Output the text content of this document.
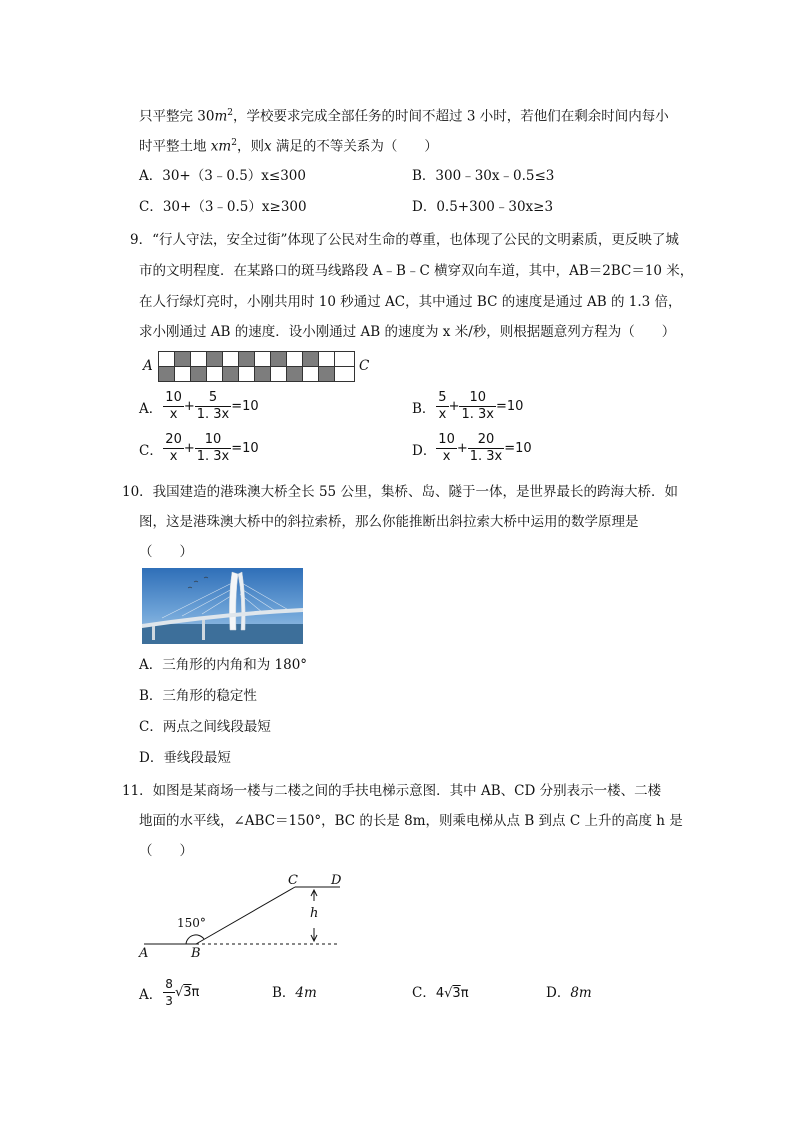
只平整完 $30m^2$，学校要求完成全部任务的时间不超过 3 小时，若他们在剩余时间内每小
时平整土地 $xm^2$，则x 满足的不等关系为（　　）
A．30+（3﹣0.5）x≤300	B．300﹣30x﹣0.5≤3
C．30+（3﹣0.5）x≥300	D．0.5+300﹣30x≥3
9．“行人守法，安全过街”体现了公民对生命的尊重，也体现了公民的文明素质，更反映了城
市的文明程度．在某路口的斑马线路段 A﹣B﹣C 横穿双向车道，其中，AB＝2BC＝10 米，
在人行绿灯亮时，小刚共用时 10 秒通过 AC，其中通过 BC 的速度是通过 AB 的 1.3 倍，
求小刚通过 AB 的速度．设小刚通过 AB 的速度为 x 米/秒，则根据题意列方程为（　　）
A	C
A． $\frac{10}{x} + \frac{5}{1. 3x} =10$	B． $\frac{5}{x} + \frac{10}{1. 3x} =10$
C． $\frac{20}{x} + \frac{10}{1. 3x} =10$	D． $\frac{10}{x} + \frac{20}{1. 3x} =10$
10．我国建造的港珠澳大桥全长 55 公里，集桥、岛、隧于一体，是世界最长的跨海大桥．如
图，这是港珠澳大桥中的斜拉索桥，那么你能推断出斜拉索大桥中运用的数学原理是
（　　）
A．三角形的内角和为 180°
B．三角形的稳定性
C．两点之间线段最短
D．垂线段最短
11．如图是某商场一楼与二楼之间的手扶电梯示意图．其中 AB、CD 分别表示一楼、二楼
地面的水平线，∠ABC＝150°，BC 的长是 8m，则乘电梯从点 B 到点 C 上升的高度 h 是
（　　）
A	B
C	D
h
150°
A． $\frac{8}{3} √3\pi$	B．4m	C．4√3π	D．8m
